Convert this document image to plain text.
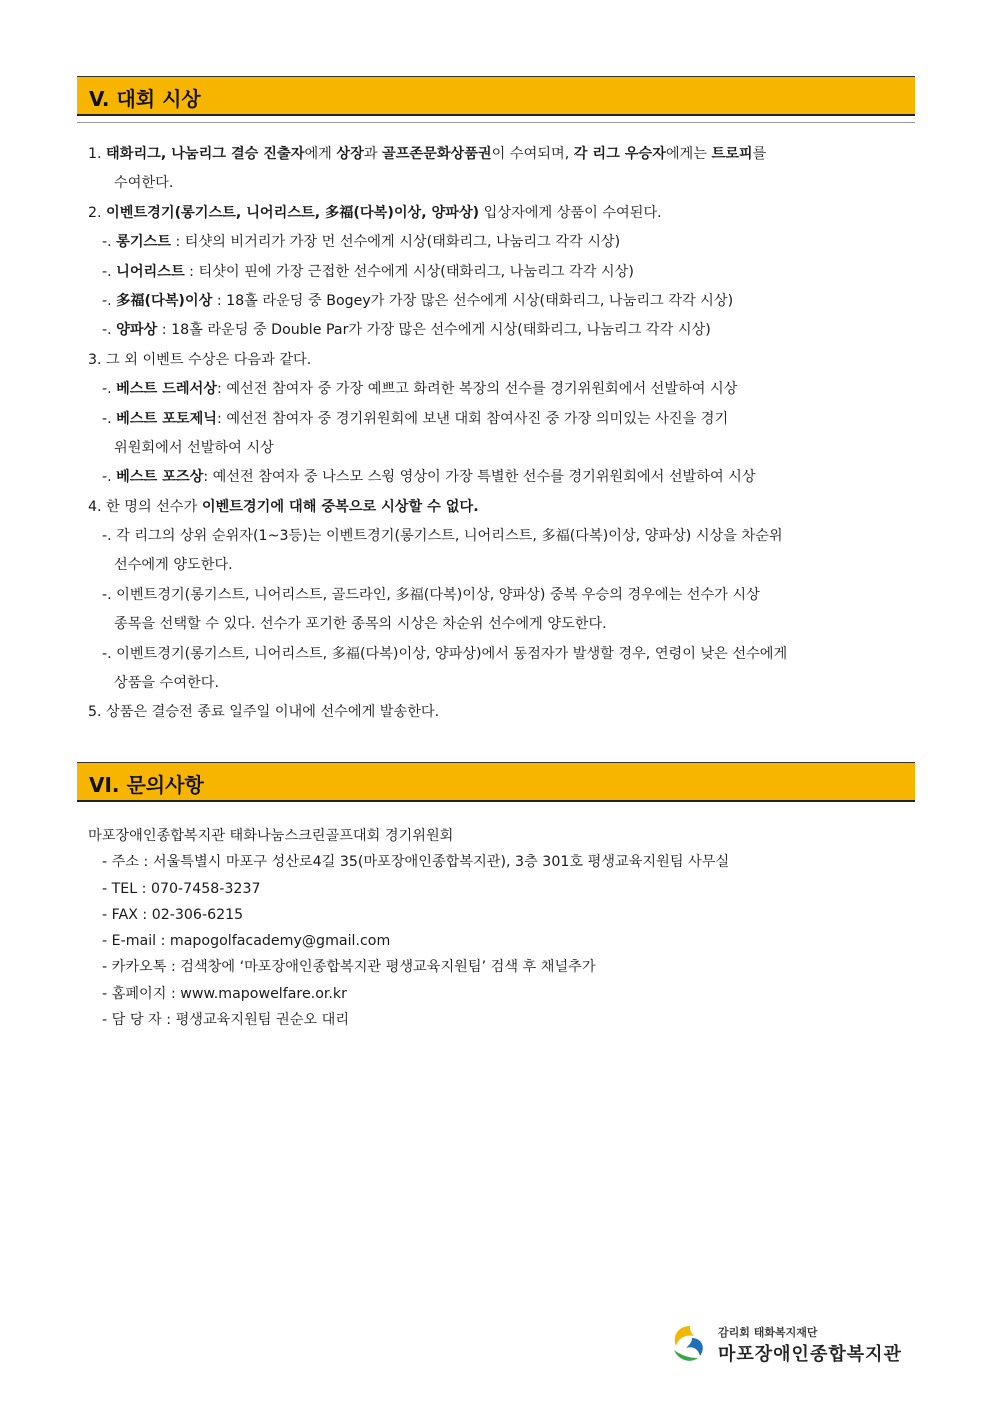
V. 대회 시상
1. 태화리그, 나눔리그 결승 진출자에게 상장과 골프존문화상품권이 수여되며, 각 리그 우승자에게는 트로피를
수여한다.
2. 이벤트경기(롱기스트, 니어리스트, 多福(다복)이상, 양파상) 입상자에게 상품이 수여된다.
-. 롱기스트 : 티샷의 비거리가 가장 먼 선수에게 시상(태화리그, 나눔리그 각각 시상)
-. 니어리스트 : 티샷이 핀에 가장 근접한 선수에게 시상(태화리그, 나눔리그 각각 시상)
-. 多福(다복)이상 : 18홀 라운딩 중 Bogey가 가장 많은 선수에게 시상(태화리그, 나눔리그 각각 시상)
-. 양파상 : 18홀 라운딩 중 Double Par가 가장 많은 선수에게 시상(태화리그, 나눔리그 각각 시상)
3. 그 외 이벤트 수상은 다음과 같다.
-. 베스트 드레서상: 예선전 참여자 중 가장 예쁘고 화려한 복장의 선수를 경기위원회에서 선발하여 시상
-. 베스트 포토제닉: 예선전 참여자 중 경기위원회에 보낸 대회 참여사진 중 가장 의미있는 사진을 경기
위원회에서 선발하여 시상
-. 베스트 포즈상: 예선전 참여자 중 나스모 스윙 영상이 가장 특별한 선수를 경기위원회에서 선발하여 시상
4. 한 명의 선수가 이벤트경기에 대해 중복으로 시상할 수 없다.
-. 각 리그의 상위 순위자(1~3등)는 이벤트경기(롱기스트, 니어리스트, 多福(다복)이상, 양파상) 시상을 차순위
선수에게 양도한다.
-. 이벤트경기(롱기스트, 니어리스트, 골드라인, 多福(다복)이상, 양파상) 중복 우승의 경우에는 선수가 시상
종목을 선택할 수 있다. 선수가 포기한 종목의 시상은 차순위 선수에게 양도한다.
-. 이벤트경기(롱기스트, 니어리스트, 多福(다복)이상, 양파상)에서 동점자가 발생할 경우, 연령이 낮은 선수에게
상품을 수여한다.
5. 상품은 결승전 종료 일주일 이내에 선수에게 발송한다.
VI. 문의사항
마포장애인종합복지관 태화나눔스크린골프대회 경기위원회
- 주소 : 서울특별시 마포구 성산로4길 35(마포장애인종합복지관), 3층 301호 평생교육지원팀 사무실
- TEL : 070-7458-3237
- FAX : 02-306-6215
- E-mail : mapogolfacademy@gmail.com
- 카카오톡 : 검색창에 ‘마포장애인종합복지관 평생교육지원팀’ 검색 후 채널추가
- 홈페이지 : www.mapowelfare.or.kr
- 담 당 자 : 평생교육지원팀 권순오 대리
감리회 태화복지재단
마포장애인종합복지관
